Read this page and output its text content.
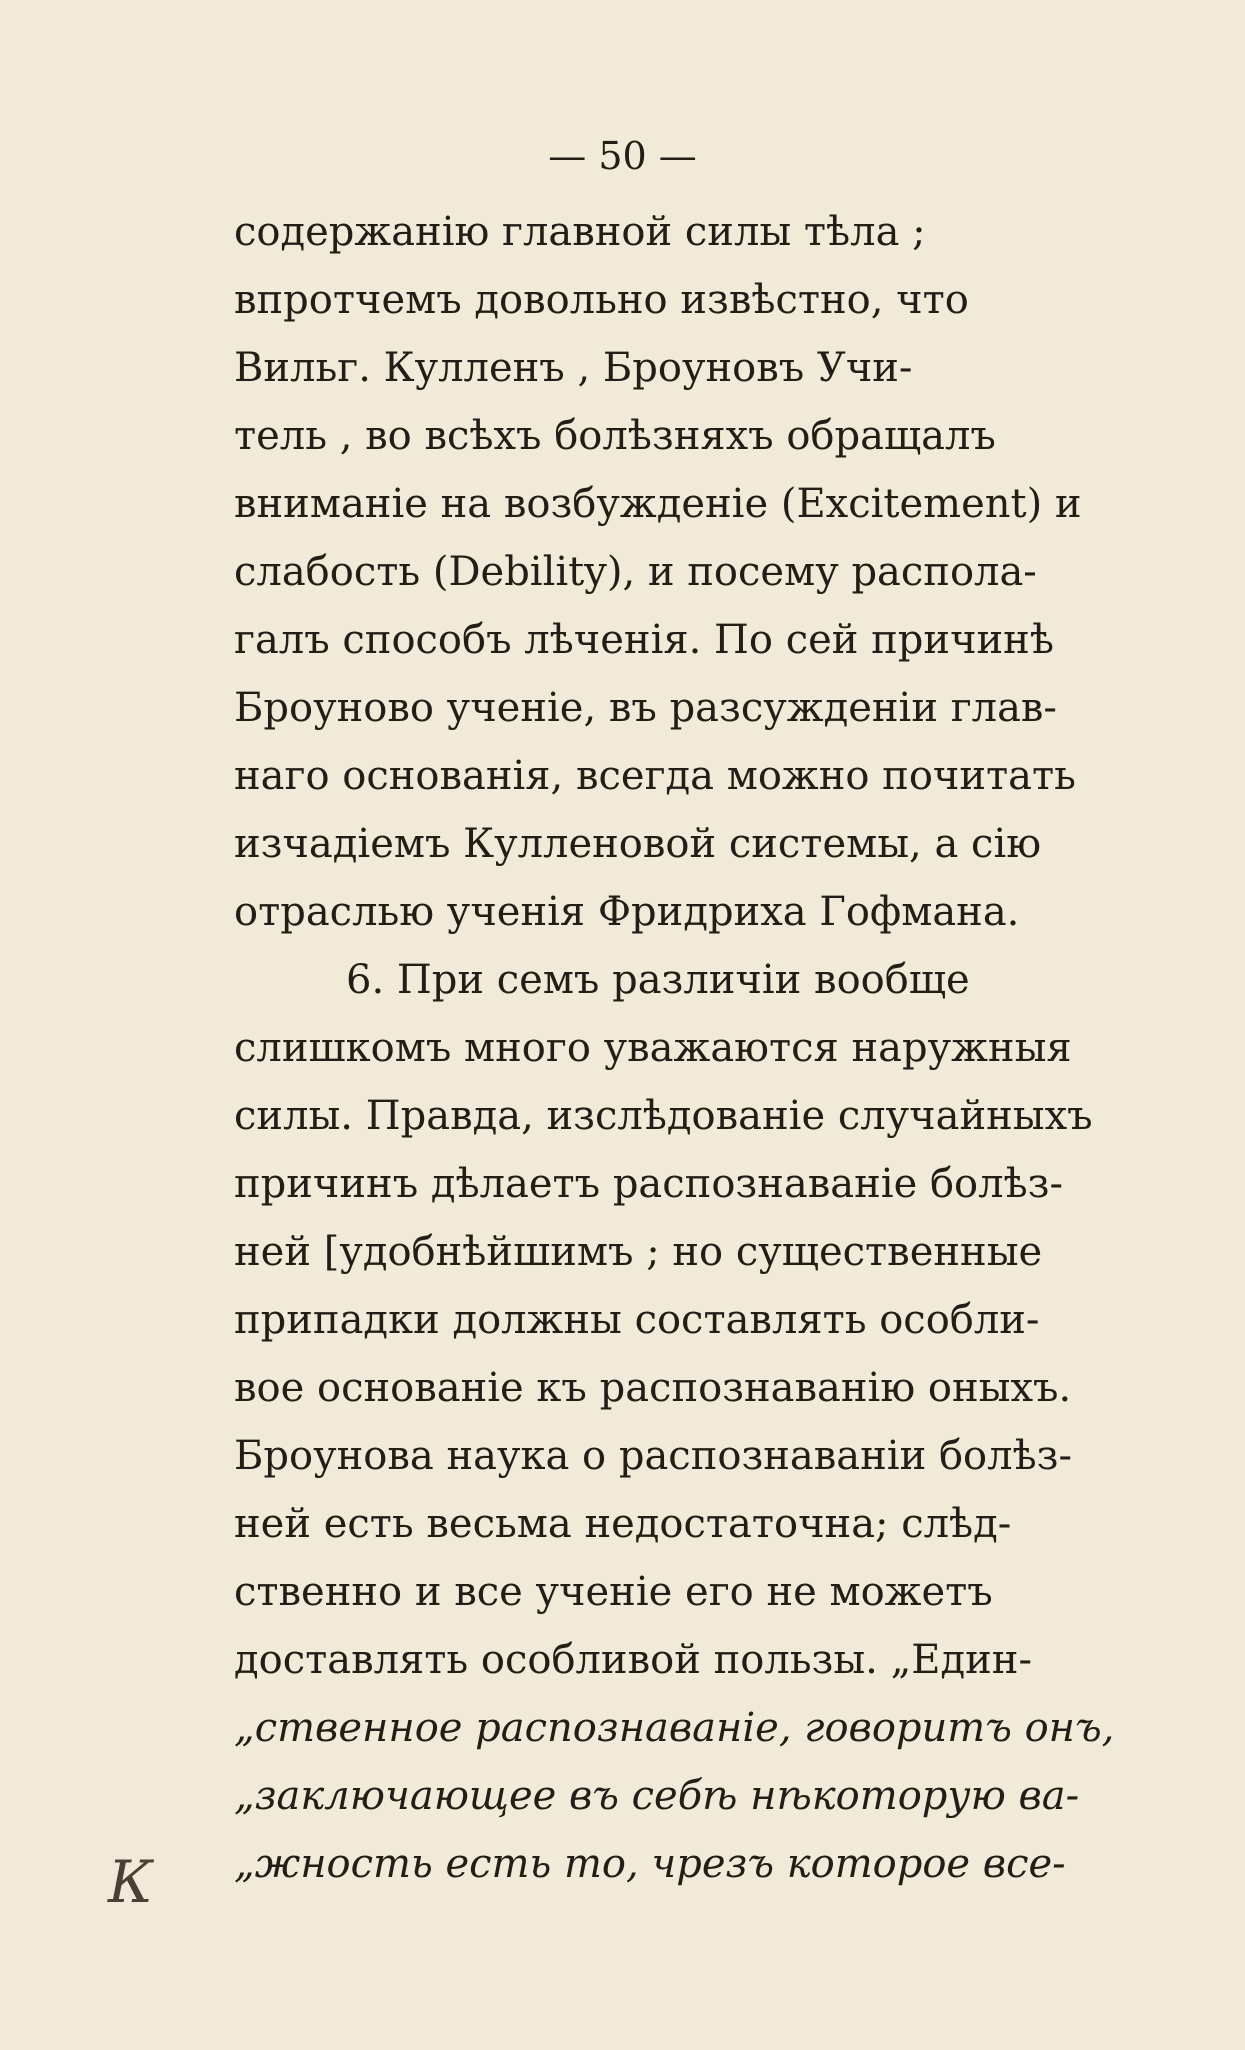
— 50 —
содержанію главной силы тѣла ;
впротчемъ довольно извѣстно, что
Вильг. Кулленъ , Броуновъ Учи-
тель , во всѣхъ болѣзняхъ обращалъ
вниманіе на возбужденіе (Excitement) и
слабость (Debility), и посему распола-
галъ способъ лѣченія. По сей причинѣ
Броуново ученіе, въ разсужденіи глав-
наго основанія, всегда можно почитать
изчадіемъ Кулленовой системы, а сію
отраслью ученія Фридриха Гофмана.
6. При семъ различіи вообще
слишкомъ много уважаются наружныя
силы. Правда, изслѣдованіе случайныхъ
причинъ дѣлаетъ распознаваніе болѣз-
ней [удобнѣйшимъ ; но существенные
припадки должны составлять особли-
вое основаніе къ распознаванію оныхъ.
Броунова наука о распознаваніи болѣз-
ней есть весьма недостаточна; слѣд-
ственно и все ученіе его не можетъ
доставлять особливой пользы. „Един-
„ственное распознаваніе, говоритъ онъ,
„заключающее въ себѣ нѣкоторую ва-
„жность есть то, чрезъ которое все-
К
